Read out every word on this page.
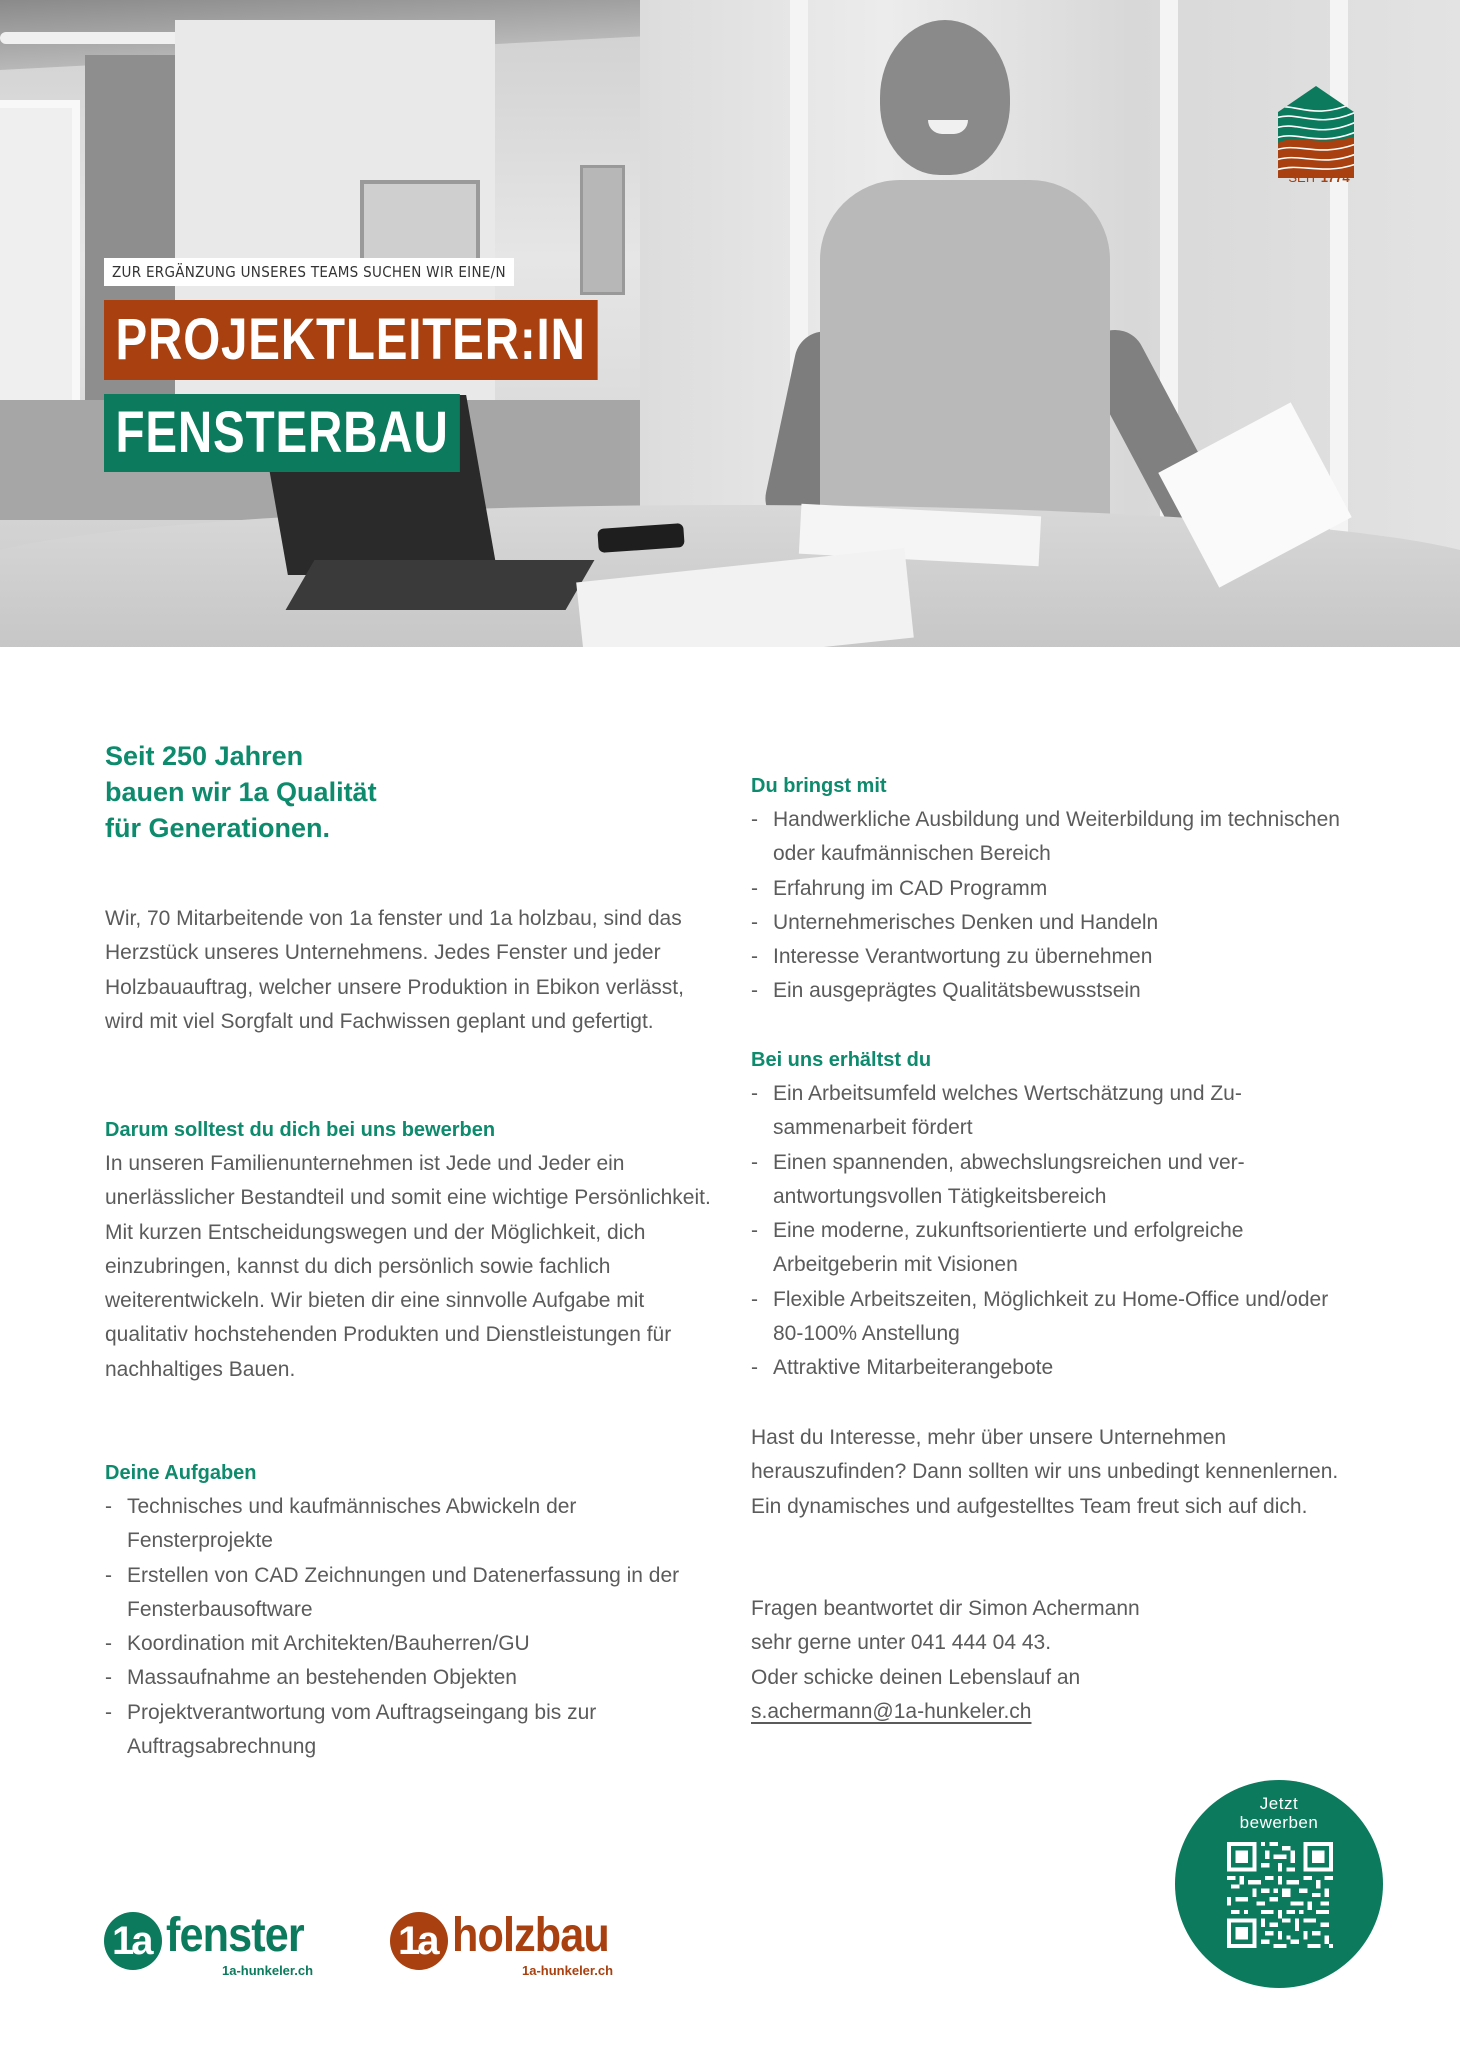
ZUR ERGÄNZUNG UNSERES TEAMS SUCHEN WIR EINE/N
PROJEKTLEITER:IN
FENSTERBAU
SEIT 1774
Seit 250 Jahren
bauen wir 1a Qualität
für Generationen.
Wir, 70 Mitarbeitende von 1a fenster und 1a holzbau, sind das Herzstück unseres Unternehmens. Jedes Fenster und jeder Holzbauauftrag, welcher unsere Produktion in Ebikon verlässt, wird mit viel Sorgfalt und Fachwissen geplant und gefertigt.
Darum solltest du dich bei uns bewerben
In unseren Familienunternehmen ist Jede und Jeder ein unerlässlicher Bestandteil und somit eine wichtige Persönlichkeit. Mit kurzen Entscheidungswegen und der Möglichkeit, dich einzubringen, kannst du dich persönlich sowie fachlich weiterentwickeln. Wir bieten dir eine sinnvolle Aufgabe mit qualitativ hochstehenden Produkten und Dienstleistungen für nachhaltiges Bauen.
Deine Aufgaben
- Technisches und kaufmännisches Abwickeln der Fensterprojekte
- Erstellen von CAD Zeichnungen und Datenerfassung in der Fensterbausoftware
- Koordination mit Architekten/Bauherren/GU
- Massaufnahme an bestehenden Objekten
- Projektverantwortung vom Auftragseingang bis zur Auftragsabrechnung
Du bringst mit
- Handwerkliche Ausbildung und Weiterbildung im technischen oder kaufmännischen Bereich
- Erfahrung im CAD Programm
- Unternehmerisches Denken und Handeln
- Interesse Verantwortung zu übernehmen
- Ein ausgeprägtes Qualitätsbewusstsein
Bei uns erhältst du
- Ein Arbeitsumfeld welches Wertschätzung und Zusammenarbeit fördert
- Einen spannenden, abwechslungsreichen und verantwortungsvollen Tätigkeitsbereich
- Eine moderne, zukunftsorientierte und erfolgreiche Arbeitgeberin mit Visionen
- Flexible Arbeitszeiten, Möglichkeit zu Home-Office und/oder 80-100% Anstellung
- Attraktive Mitarbeiterangebote
Hast du Interesse, mehr über unsere Unternehmen herauszufinden? Dann sollten wir uns unbedingt kennenlernen. Ein dynamisches und aufgestelltes Team freut sich auf dich.
Fragen beantwortet dir Simon Achermann
sehr gerne unter 041 444 04 43.
Oder schicke deinen Lebenslauf an
s.achermann@1a-hunkeler.ch
Jetzt
bewerben
1a fenster
1a-hunkeler.ch
1a holzbau
1a-hunkeler.ch
